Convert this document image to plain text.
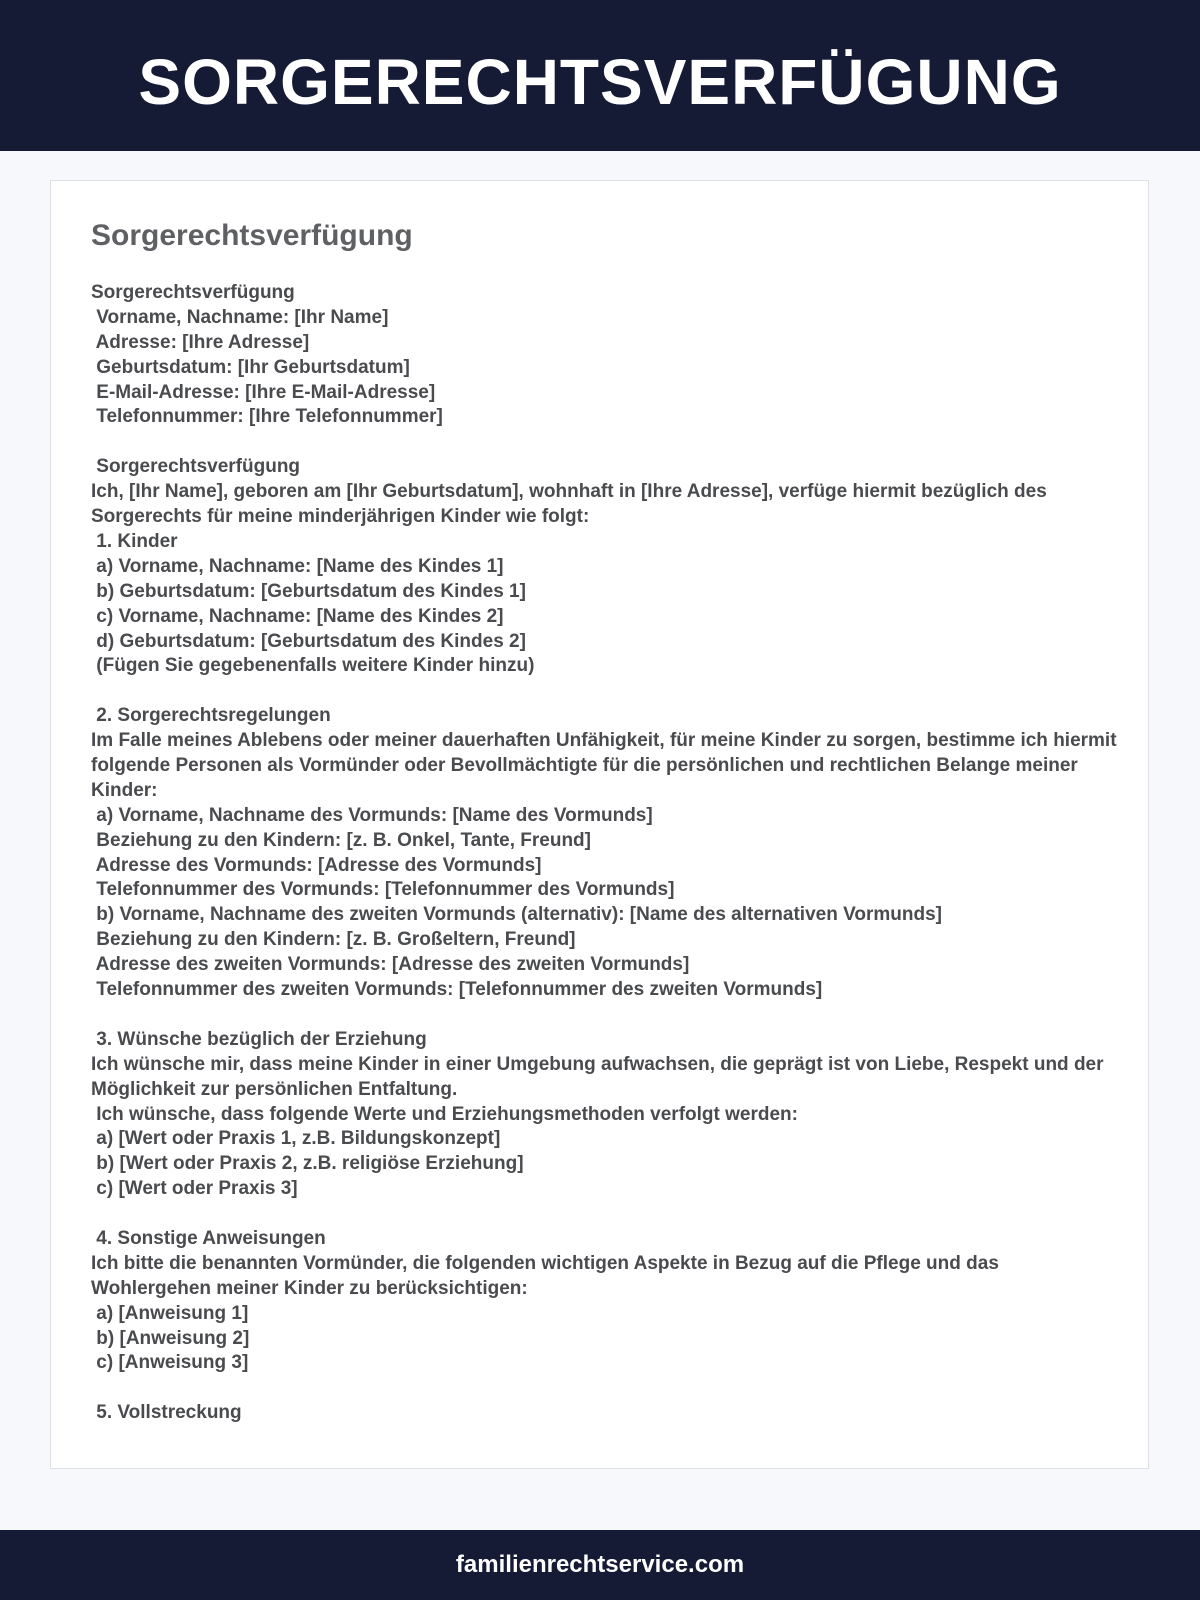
SORGERECHTSVERFÜGUNG
Sorgerechtsverfügung
Sorgerechtsverfügung
Vorname, Nachname: [Ihr Name]
Adresse: [Ihre Adresse]
Geburtsdatum: [Ihr Geburtsdatum]
E-Mail-Adresse: [Ihre E-Mail-Adresse]
Telefonnummer: [Ihre Telefonnummer]
Sorgerechtsverfügung
Ich, [Ihr Name], geboren am [Ihr Geburtsdatum], wohnhaft in [Ihre Adresse], verfüge hiermit bezüglich des Sorgerechts für meine minderjährigen Kinder wie folgt:
1. Kinder
a) Vorname, Nachname: [Name des Kindes 1]
b) Geburtsdatum: [Geburtsdatum des Kindes 1]
c) Vorname, Nachname: [Name des Kindes 2]
d) Geburtsdatum: [Geburtsdatum des Kindes 2]
(Fügen Sie gegebenenfalls weitere Kinder hinzu)
2. Sorgerechtsregelungen
Im Falle meines Ablebens oder meiner dauerhaften Unfähigkeit, für meine Kinder zu sorgen, bestimme ich hiermit folgende Personen als Vormünder oder Bevollmächtigte für die persönlichen und rechtlichen Belange meiner Kinder:
a) Vorname, Nachname des Vormunds: [Name des Vormunds]
Beziehung zu den Kindern: [z. B. Onkel, Tante, Freund]
Adresse des Vormunds: [Adresse des Vormunds]
Telefonnummer des Vormunds: [Telefonnummer des Vormunds]
b) Vorname, Nachname des zweiten Vormunds (alternativ): [Name des alternativen Vormunds]
Beziehung zu den Kindern: [z. B. Großeltern, Freund]
Adresse des zweiten Vormunds: [Adresse des zweiten Vormunds]
Telefonnummer des zweiten Vormunds: [Telefonnummer des zweiten Vormunds]
3. Wünsche bezüglich der Erziehung
Ich wünsche mir, dass meine Kinder in einer Umgebung aufwachsen, die geprägt ist von Liebe, Respekt und der Möglichkeit zur persönlichen Entfaltung.
Ich wünsche, dass folgende Werte und Erziehungsmethoden verfolgt werden:
a) [Wert oder Praxis 1, z.B. Bildungskonzept]
b) [Wert oder Praxis 2, z.B. religiöse Erziehung]
c) [Wert oder Praxis 3]
4. Sonstige Anweisungen
Ich bitte die benannten Vormünder, die folgenden wichtigen Aspekte in Bezug auf die Pflege und das Wohlergehen meiner Kinder zu berücksichtigen:
a) [Anweisung 1]
b) [Anweisung 2]
c) [Anweisung 3]
5. Vollstreckung
familienrechtservice.com
